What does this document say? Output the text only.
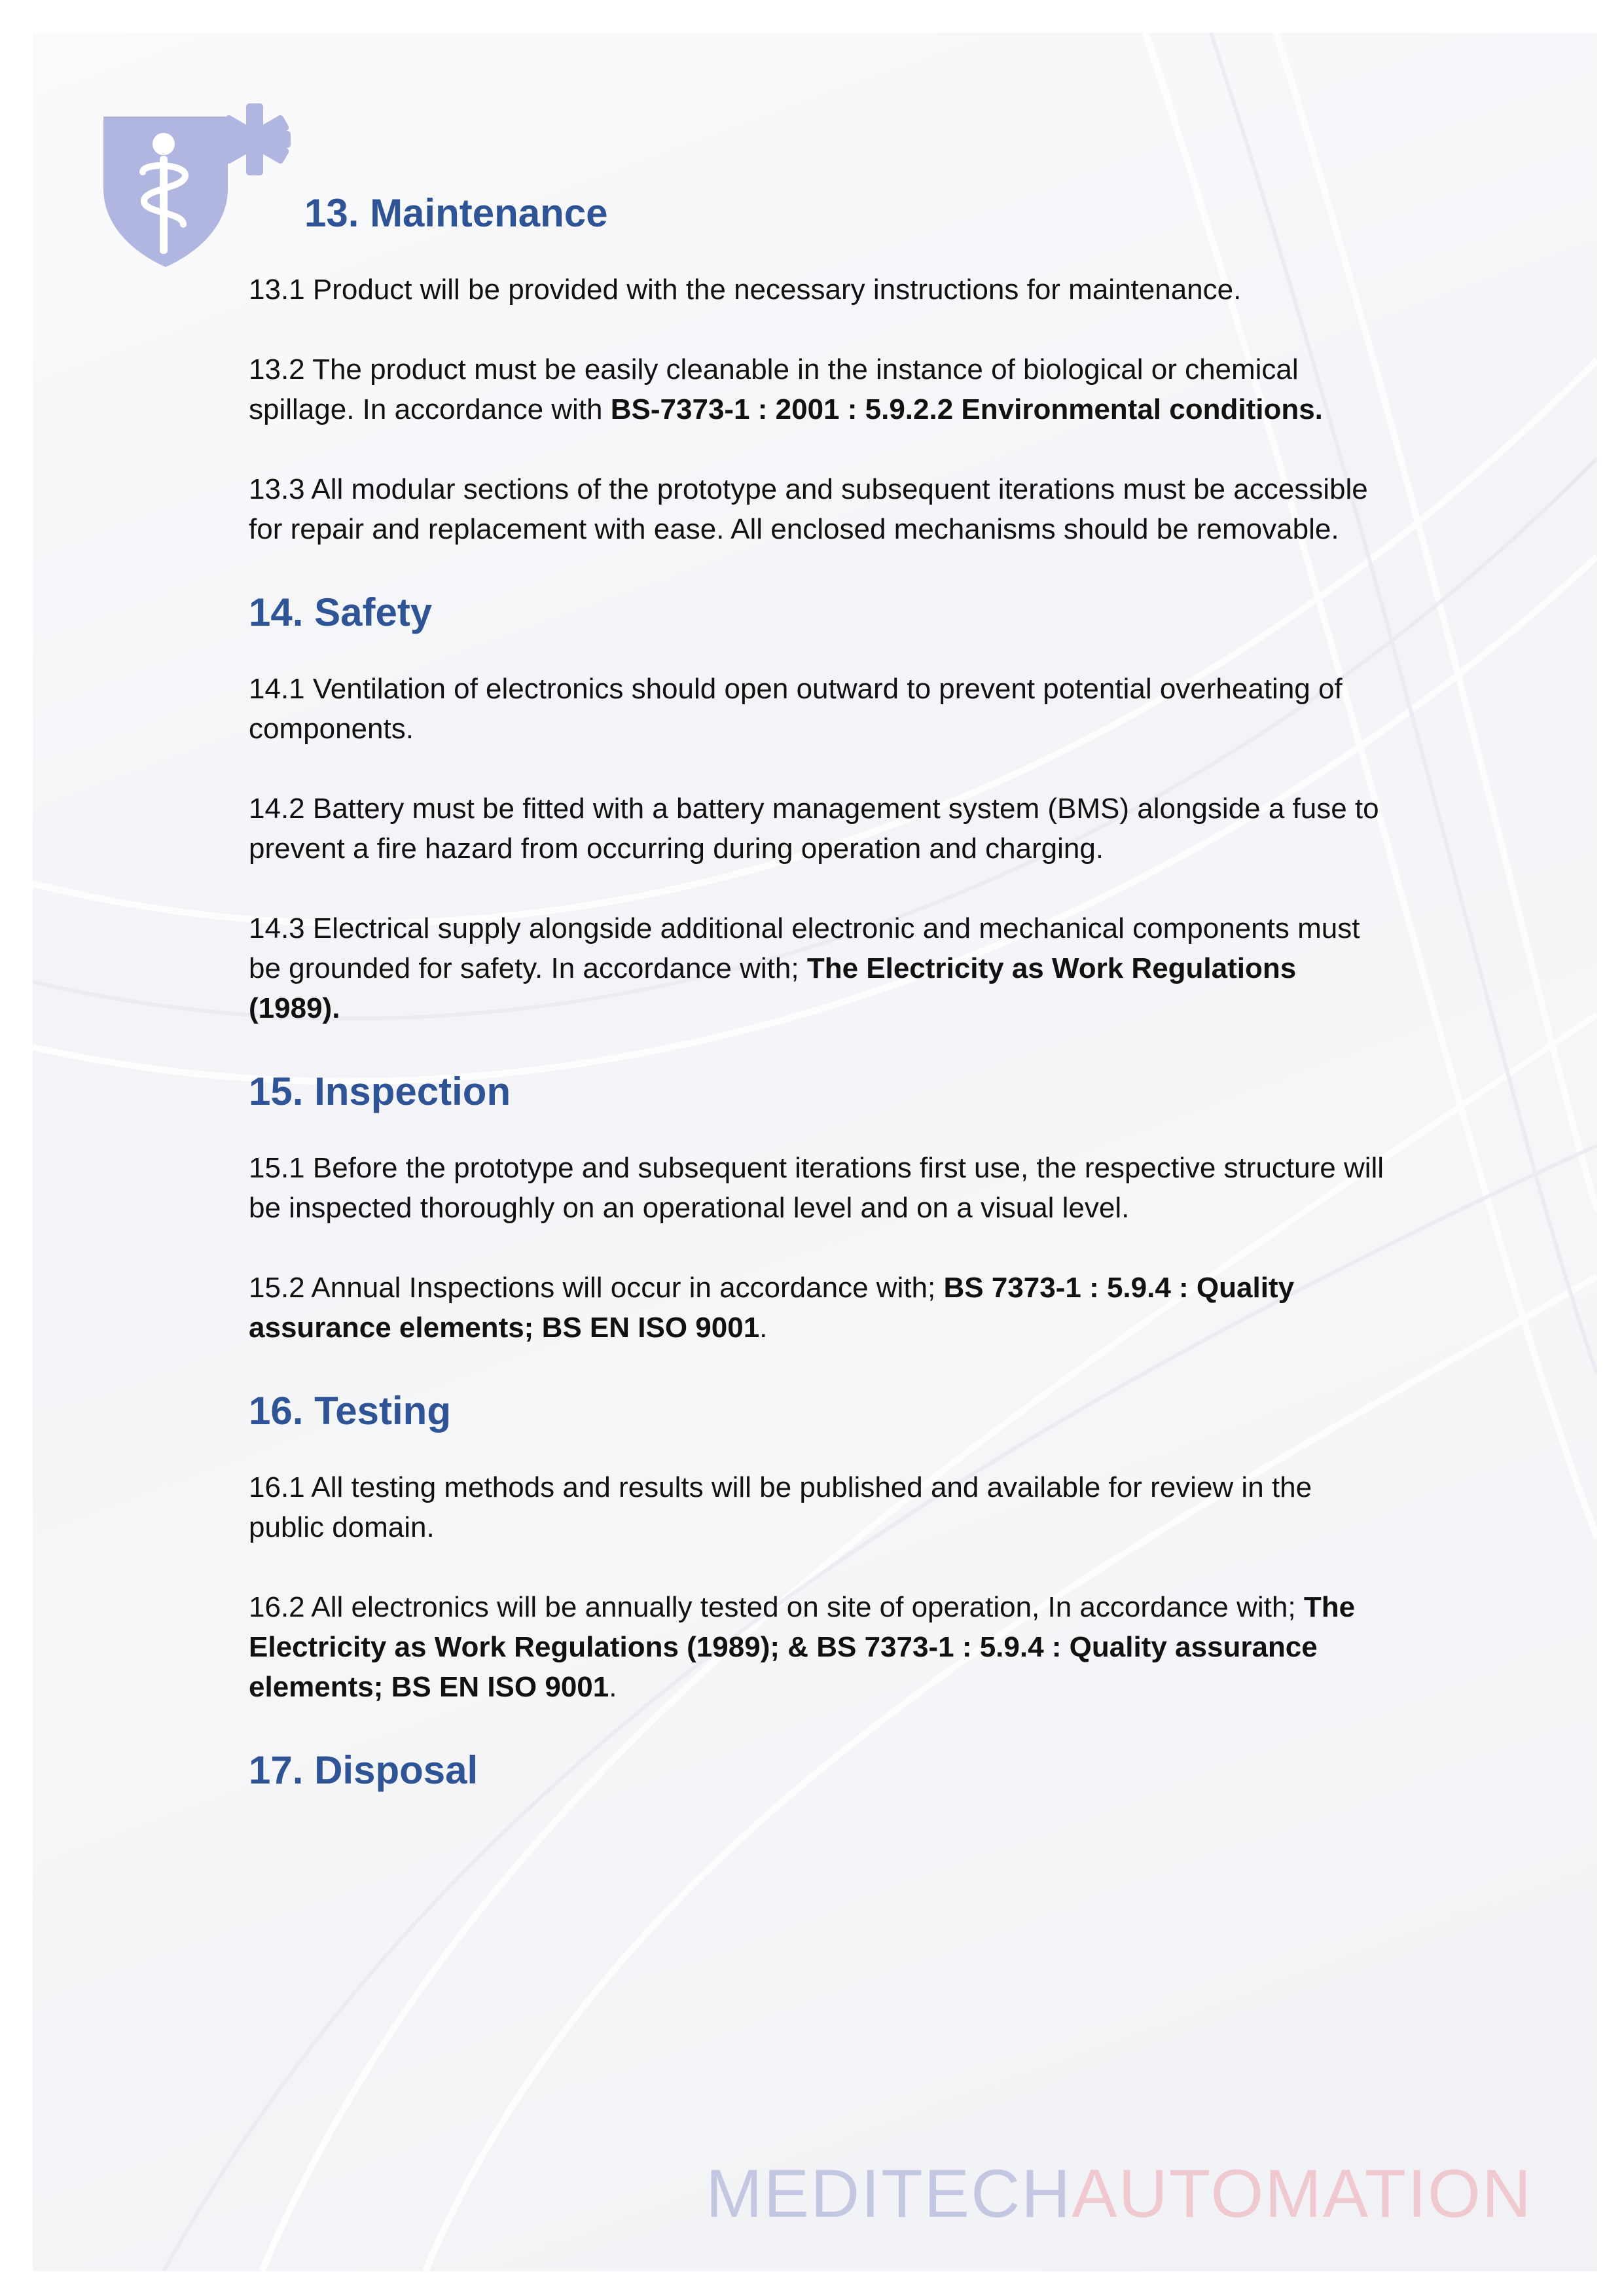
13. Maintenance

13.1 Product will be provided with the necessary instructions for maintenance.

13.2 The product must be easily cleanable in the instance of biological or chemical spillage. In accordance with BS-7373-1 : 2001 : 5.9.2.2 Environmental conditions.

13.3 All modular sections of the prototype and subsequent iterations must be accessible for repair and replacement with ease. All enclosed mechanisms should be removable.

14. Safety

14.1 Ventilation of electronics should open outward to prevent potential overheating of components.

14.2 Battery must be fitted with a battery management system (BMS) alongside a fuse to prevent a fire hazard from occurring during operation and charging.

14.3 Electrical supply alongside additional electronic and mechanical components must be grounded for safety. In accordance with; The Electricity as Work Regulations (1989).

15. Inspection

15.1 Before the prototype and subsequent iterations first use, the respective structure will be inspected thoroughly on an operational level and on a visual level.

15.2 Annual Inspections will occur in accordance with; BS 7373-1 : 5.9.4 : Quality assurance elements; BS EN ISO 9001.

16. Testing

16.1 All testing methods and results will be published and available for review in the public domain.

16.2 All electronics will be annually tested on site of operation, In accordance with; The Electricity as Work Regulations (1989); & BS 7373-1 : 5.9.4 : Quality assurance elements; BS EN ISO 9001.

17. Disposal
MEDITECHAUTOMATION
